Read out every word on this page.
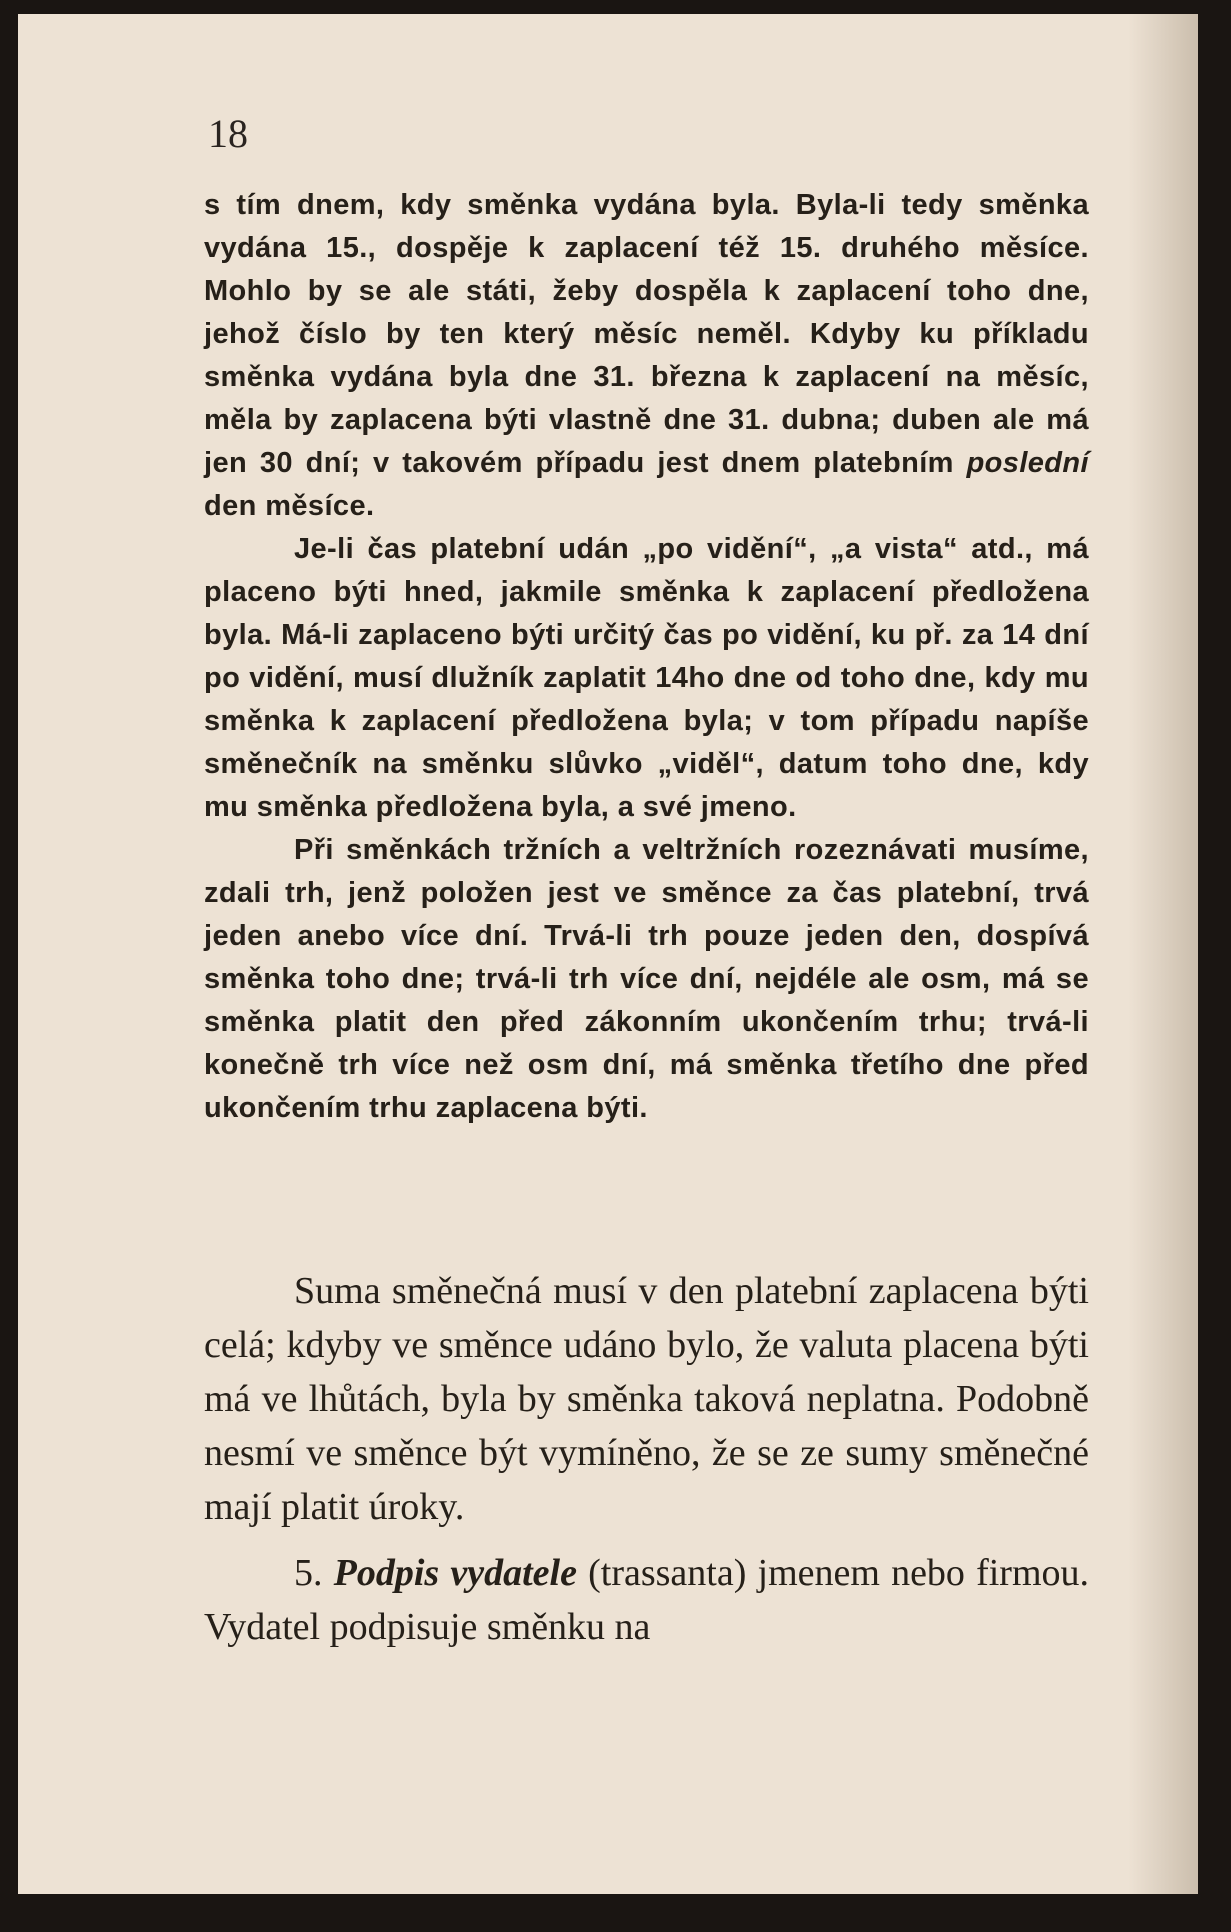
18

s tím dnem, kdy směnka vydána byla. Byla-li tedy směnka vydána 15., dospěje k zaplacení též 15. druhého měsíce. Mohlo by se ale státi, žeby dospěla k zaplacení toho dne, jehož číslo by ten který měsíc neměl. Kdyby ku příkladu směnka vydána byla dne 31. března k zaplacení na měsíc, měla by zaplacena býti vlastně dne 31. dubna; duben ale má jen 30 dní; v takovém případu jest dnem platebním poslední den měsíce.

Je-li čas platební udán „po vidění“, „a vista“ atd., má placeno býti hned, jakmile směnka k zaplacení předložena byla. Má-li zaplaceno býti určitý čas po vidění, ku př. za 14 dní po vidění, musí dlužník zaplatit 14ho dne od toho dne, kdy mu směnka k zaplacení předložena byla; v tom případu napíše směnečník na směnku slůvko „viděl“, datum toho dne, kdy mu směnka předložena byla, a své jmeno.

Při směnkách tržních a veltržních rozeznávati musíme, zdali trh, jenž položen jest ve směnce za čas platební, trvá jeden anebo více dní. Trvá-li trh pouze jeden den, dospívá směnka toho dne; trvá-li trh více dní, nejdéle ale osm, má se směnka platit den před zákonním ukončením trhu; trvá-li konečně trh více než osm dní, má směnka třetího dne před ukončením trhu zaplacena býti.

Suma směnečná musí v den platební zaplacena býti celá; kdyby ve směnce udáno bylo, že valuta placena býti má ve lhůtách, byla by směnka taková neplatna. Podobně nesmí ve směnce být vymíněno, že se ze sumy směnečné mají platit úroky.

5. Podpis vydatele (trassanta) jmenem nebo firmou. Vydatel podpisuje směnku na
